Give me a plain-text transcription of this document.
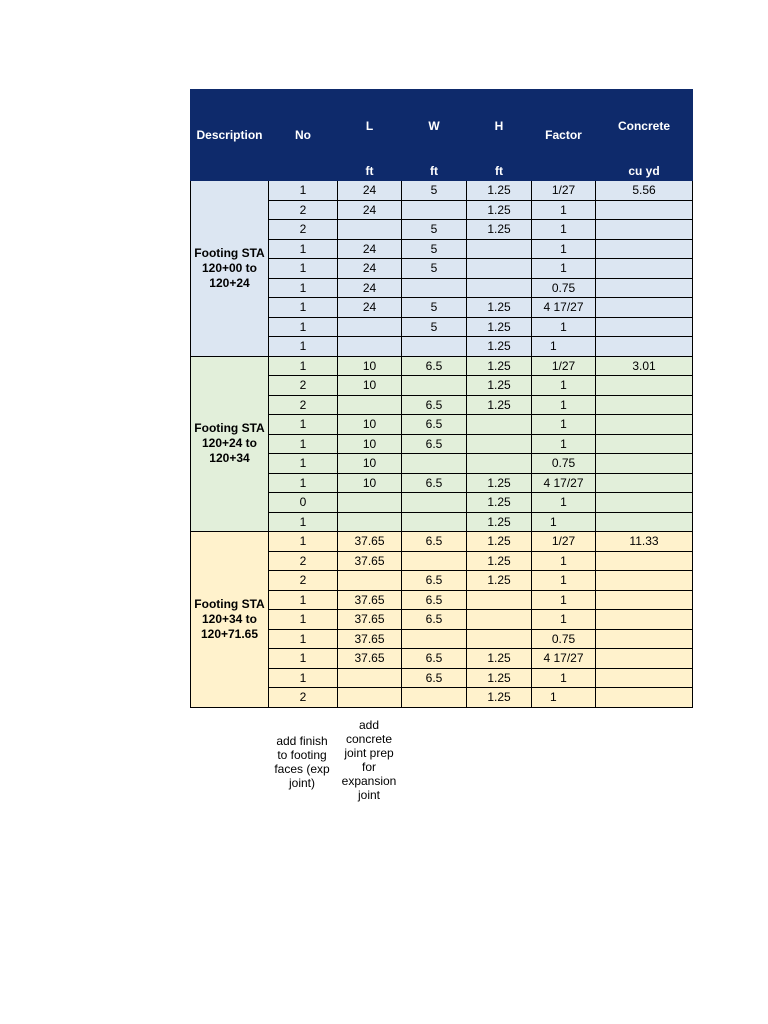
Description	No	L	W	H	Factor	Concrete
		ft	ft	ft		cu yd
Footing STA 120+00 to 120+24	1	24	5	1.25	1/27	5.56
	2	24		1.25	1	
	2		5	1.25	1	
	1	24	5		1	
	1	24	5		1	
	1	24			0.75	
	1	24	5	1.25	4 17/27	
	1		5	1.25	1	
	1			1.25	1	
Footing STA 120+24 to 120+34	1	10	6.5	1.25	1/27	3.01
	2	10		1.25	1	
	2		6.5	1.25	1	
	1	10	6.5		1	
	1	10	6.5		1	
	1	10			0.75	
	1	10	6.5	1.25	4 17/27	
	0			1.25	1	
	1			1.25	1	
Footing STA 120+34 to 120+71.65	1	37.65	6.5	1.25	1/27	11.33
	2	37.65		1.25	1	
	2		6.5	1.25	1	
	1	37.65	6.5		1	
	1	37.65	6.5		1	
	1	37.65			0.75	
	1	37.65	6.5	1.25	4 17/27	
	1		6.5	1.25	1	
	2			1.25	1	
add finish
to footing
faces (exp
joint)
add
concrete
joint prep
for
expansion
joint
